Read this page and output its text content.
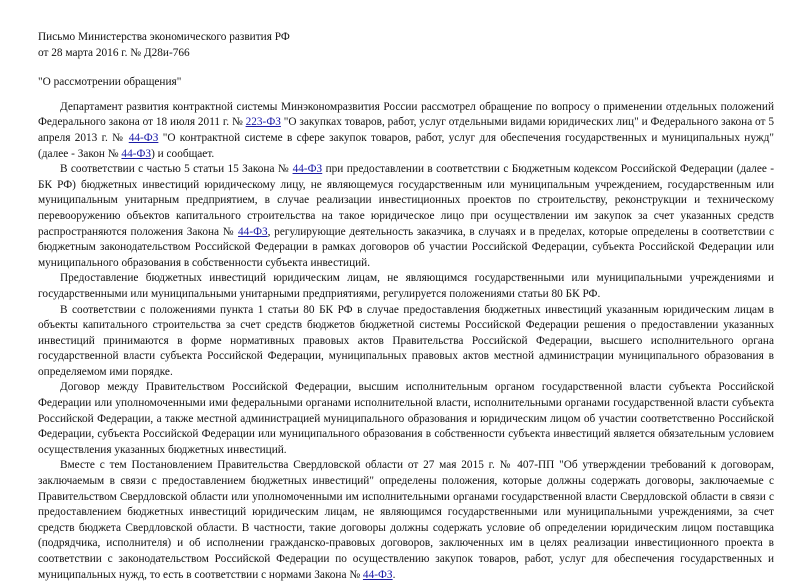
Письмо Министерства экономического развития РФ

от 28 марта 2016 г. № Д28и-766

"О рассмотрении обращения"

Департамент развития контрактной системы Минэкономразвития России рассмотрел обращение по вопросу о применении отдельных положений Федерального закона от 18 июля 2011 г. № 223-ФЗ "О закупках товаров, работ, услуг отдельными видами юридических лиц" и Федерального закона от 5 апреля 2013 г. № 44-ФЗ "О контрактной системе в сфере закупок товаров, работ, услуг для обеспечения государственных и муниципальных нужд" (далее - Закон № 44-ФЗ) и сообщает.

В соответствии с частью 5 статьи 15 Закона № 44-ФЗ при предоставлении в соответствии с Бюджетным кодексом Российской Федерации (далее - БК РФ) бюджетных инвестиций юридическому лицу, не являющемуся государственным или муниципальным учреждением, государственным или муниципальным унитарным предприятием, в случае реализации инвестиционных проектов по строительству, реконструкции и техническому перевооружению объектов капитального строительства на такое юридическое лицо при осуществлении им закупок за счет указанных средств распространяются положения Закона № 44-ФЗ, регулирующие деятельность заказчика, в случаях и в пределах, которые определены в соответствии с бюджетным законодательством Российской Федерации в рамках договоров об участии Российской Федерации, субъекта Российской Федерации или муниципального образования в собственности субъекта инвестиций.

Предоставление бюджетных инвестиций юридическим лицам, не являющимся государственными или муниципальными учреждениями и государственными или муниципальными унитарными предприятиями, регулируется положениями статьи 80 БК РФ.

В соответствии с положениями пункта 1 статьи 80 БК РФ в случае предоставления бюджетных инвестиций указанным юридическим лицам в объекты капитального строительства за счет средств бюджетов бюджетной системы Российской Федерации решения о предоставлении указанных инвестиций принимаются в форме нормативных правовых актов Правительства Российской Федерации, высшего исполнительного органа государственной власти субъекта Российской Федерации, муниципальных правовых актов местной администрации муниципального образования в определяемом ими порядке.

Договор между Правительством Российской Федерации, высшим исполнительным органом государственной власти субъекта Российской Федерации или уполномоченными ими федеральными органами исполнительной власти, исполнительными органами государственной власти субъекта Российской Федерации, а также местной администрацией муниципального образования и юридическим лицом об участии соответственно Российской Федерации, субъекта Российской Федерации или муниципального образования в собственности субъекта инвестиций является обязательным условием осуществления указанных бюджетных инвестиций.

Вместе с тем Постановлением Правительства Свердловской области от 27 мая 2015 г. № 407-ПП "Об утверждении требований к договорам, заключаемым в связи с предоставлением бюджетных инвестиций" определены положения, которые должны содержать договоры, заключаемые с Правительством Свердловской области или уполномоченными им исполнительными органами государственной власти Свердловской области в связи с предоставлением бюджетных инвестиций юридическим лицам, не являющимся государственными или муниципальными учреждениями, за счет средств бюджета Свердловской области. В частности, такие договоры должны содержать условие об определении юридическим лицом поставщика (подрядчика, исполнителя) и об исполнении гражданско-правовых договоров, заключенных им в целях реализации инвестиционного проекта в соответствии с законодательством Российской Федерации по осуществлению закупок товаров, работ, услуг для обеспечения государственных и муниципальных нужд, то есть в соответствии с нормами Закона № 44-ФЗ.
